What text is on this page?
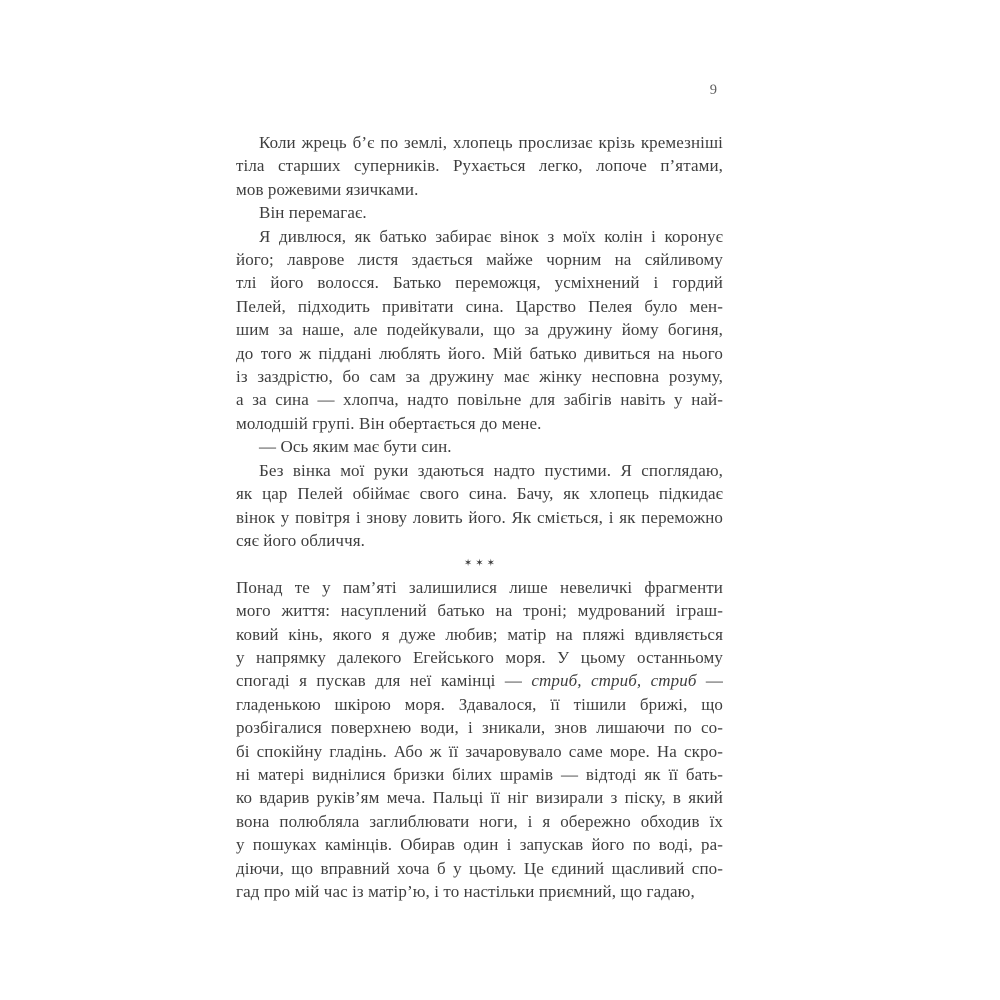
9
Коли жрець б’є по землі, хлопець прослизає крізь кремезніші
тіла старших суперників. Рухається легко, лопоче п’ятами,
мов рожевими язичками.
Він перемагає.
Я дивлюся, як батько забирає вінок з моїх колін і коронує
його; лаврове листя здається майже чорним на сяйливому
тлі його волосся. Батько переможця, усміхнений і гордий
Пелей, підходить привітати сина. Царство Пелея було мен-
шим за наше, але подейкували, що за дружину йому богиня,
до того ж піддані люблять його. Мій батько дивиться на нього
із заздрістю, бо сам за дружину має жінку несповна розуму,
а за сина — хлопча, надто повільне для забігів навіть у най-
молодшій групі. Він обертається до мене.
— Ось яким має бути син.
Без вінка мої руки здаються надто пустими. Я споглядаю,
як цар Пелей обіймає свого сина. Бачу, як хлопець підкидає
вінок у повітря і знову ловить його. Як сміється, і як переможно
сяє його обличчя.
✶✶✶
Понад те у пам’яті залишилися лише невеличкі фрагменти
мого життя: насуплений батько на троні; мудрований іграш-
ковий кінь, якого я дуже любив; матір на пляжі вдивляється
у напрямку далекого Егейського моря. У цьому останньому
спогаді я пускав для неї камінці — стриб, стриб, стриб —
гладенькою шкірою моря. Здавалося, її тішили брижі, що
розбігалися поверхнею води, і зникали, знов лишаючи по со-
бі спокійну гладінь. Або ж її зачаровувало саме море. На скро-
ні матері виднілися бризки білих шрамів — відтоді як її бать-
ко вдарив руків’ям меча. Пальці її ніг визирали з піску, в який
вона полюбляла заглиблювати ноги, і я обережно обходив їх
у пошуках камінців. Обирав один і запускав його по воді, ра-
діючи, що вправний хоча б у цьому. Це єдиний щасливий спо-
гад про мій час із матір’ю, і то настільки приємний, що гадаю,
